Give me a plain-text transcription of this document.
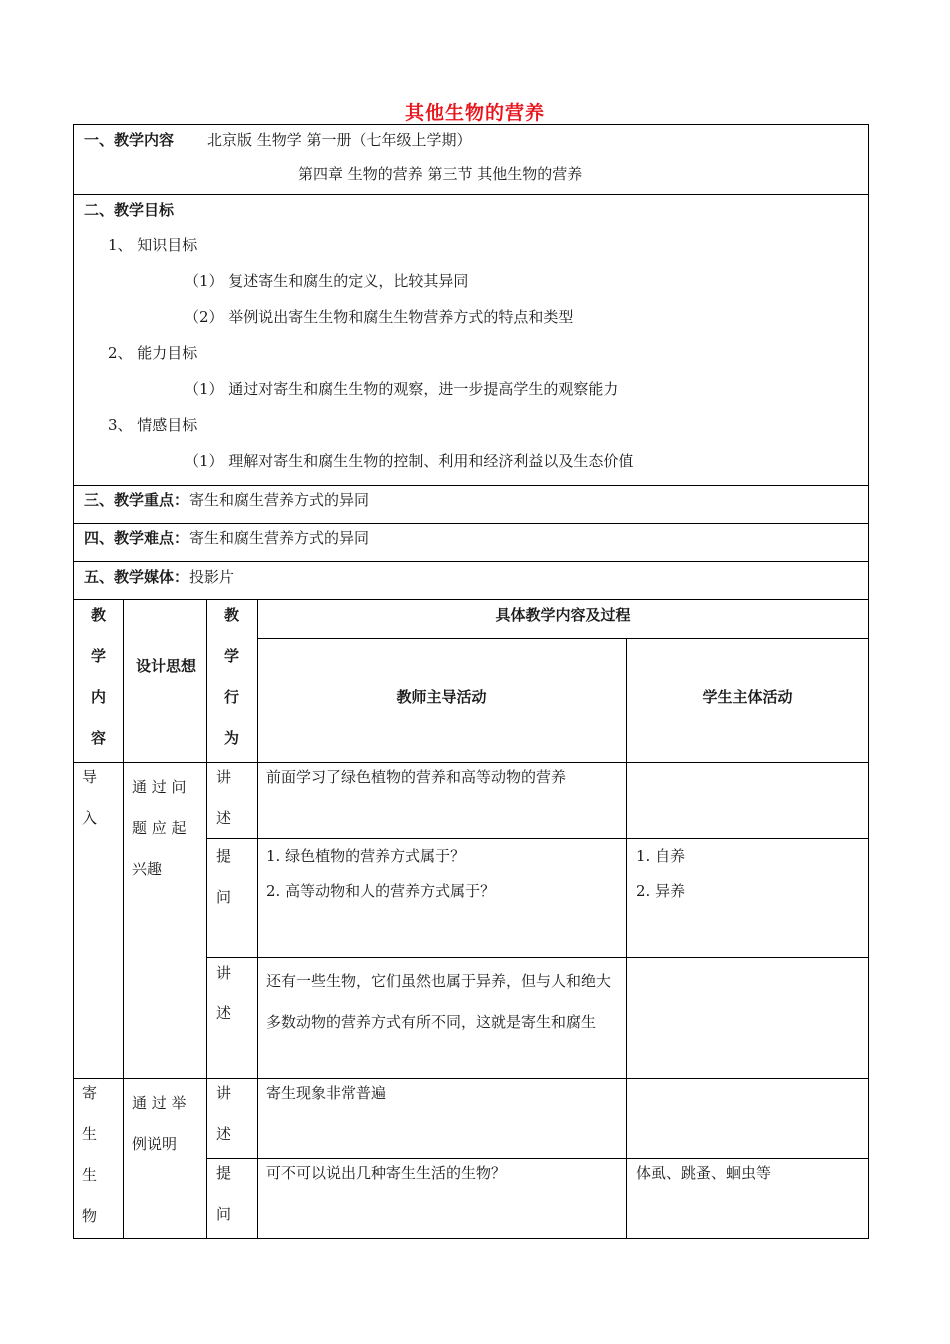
其他生物的营养
一、教学内容 北京版 生物学 第一册（七年级上学期）
第四章 生物的营养 第三节 其他生物的营养
二、教学目标
1、 知识目标
（1） 复述寄生和腐生的定义，比较其异同
（2） 举例说出寄生生物和腐生生物营养方式的特点和类型
2、 能力目标
（1） 通过对寄生和腐生生物的观察，进一步提高学生的观察能力
3、 情感目标
（1） 理解对寄生和腐生生物的控制、利用和经济利益以及生态价值
三、教学重点：寄生和腐生营养方式的异同
四、教学难点：寄生和腐生营养方式的异同
五、教学媒体：投影片
教
学
内
容
设计思想
教
学
行
为
具体教学内容及过程
教师主导活动	学生主体活动
导
入
通 过 问 题 应 起 兴趣
讲
述
前面学习了绿色植物的营养和高等动物的营养
提
问
1. 绿色植物的营养方式属于？
2. 高等动物和人的营养方式属于？
1. 自养
2. 异养
讲
述
还有一些生物，它们虽然也属于异养，但与人和绝大多数动物的营养方式有所不同，这就是寄生和腐生
寄
生
生
物
通 过 举 例说明
讲
述
寄生现象非常普遍
提
问
可不可以说出几种寄生生活的生物？	体虱、跳蚤、蛔虫等
